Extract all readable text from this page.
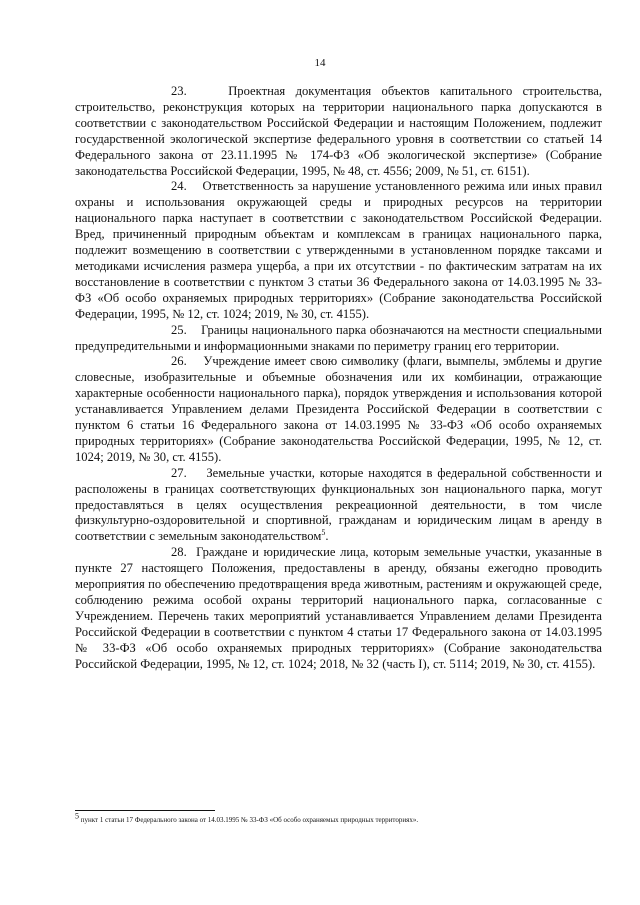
14

23.	Проектная документация объектов капитального строительства, строительство, реконструкция которых на территории национального парка допускаются в соответствии с законодательством Российской Федерации и настоящим Положением, подлежит государственной экологической экспертизе федерального уровня в соответствии со статьей 14 Федерального закона от 23.11.1995 № 174-ФЗ «Об экологической экспертизе» (Собрание законодательства Российской Федерации, 1995, № 48, ст. 4556; 2009, № 51, ст. 6151).

24. Ответственность за нарушение установленного режима или иных правил охраны и использования окружающей среды и природных ресурсов на территории национального парка наступает в соответствии с законодательством Российской Федерации. Вред, причиненный природным объектам и комплексам в границах национального парка, подлежит возмещению в соответствии с утвержденными в установленном порядке таксами и методиками исчисления размера ущерба, а при их отсутствии - по фактическим затратам на их восстановление в соответствии с пунктом 3 статьи 36 Федерального закона от 14.03.1995 № 33-ФЗ «Об особо охраняемых природных территориях» (Собрание законодательства Российской Федерации, 1995, № 12, ст. 1024; 2019, № 30, ст. 4155).

25. Границы национального парка обозначаются на местности специальными предупредительными и информационными знаками по периметру границ его территории.

26. Учреждение имеет свою символику (флаги, вымпелы, эмблемы и другие словесные, изобразительные и объемные обозначения или их комбинации, отражающие характерные особенности национального парка), порядок утверждения и использования которой устанавливается Управлением делами Президента Российской Федерации в соответствии с пунктом 6 статьи 16 Федерального закона от 14.03.1995 № 33-ФЗ «Об особо охраняемых природных территориях» (Собрание законодательства Российской Федерации, 1995, № 12, ст. 1024; 2019, № 30, ст. 4155).

27. Земельные участки, которые находятся в федеральной собственности и расположены в границах соответствующих функциональных зон национального парка, могут предоставляться в целях осуществления рекреационной деятельности, в том числе физкультурно-оздоровительной и спортивной, гражданам и юридическим лицам в аренду в соответствии с земельным законодательством$^5$.

28. Граждане и юридические лица, которым земельные участки, указанные в пункте 27 настоящего Положения, предоставлены в аренду, обязаны ежегодно проводить мероприятия по обеспечению предотвращения вреда животным, растениям и окружающей среде, соблюдению режима особой охраны территорий национального парка, согласованные с Учреждением. Перечень таких мероприятий устанавливается Управлением делами Президента Российской Федерации в соответствии с пунктом 4 статьи 17 Федерального закона от 14.03.1995 № 33-ФЗ «Об особо охраняемых природных территориях» (Собрание законодательства Российской Федерации, 1995, № 12, ст. 1024; 2018, № 32 (часть I), ст. 5114; 2019, № 30, ст. 4155).

$^5$ пункт 1 статьи 17 Федерального закона от 14.03.1995 № 33-ФЗ «Об особо охраняемых природных территориях».
